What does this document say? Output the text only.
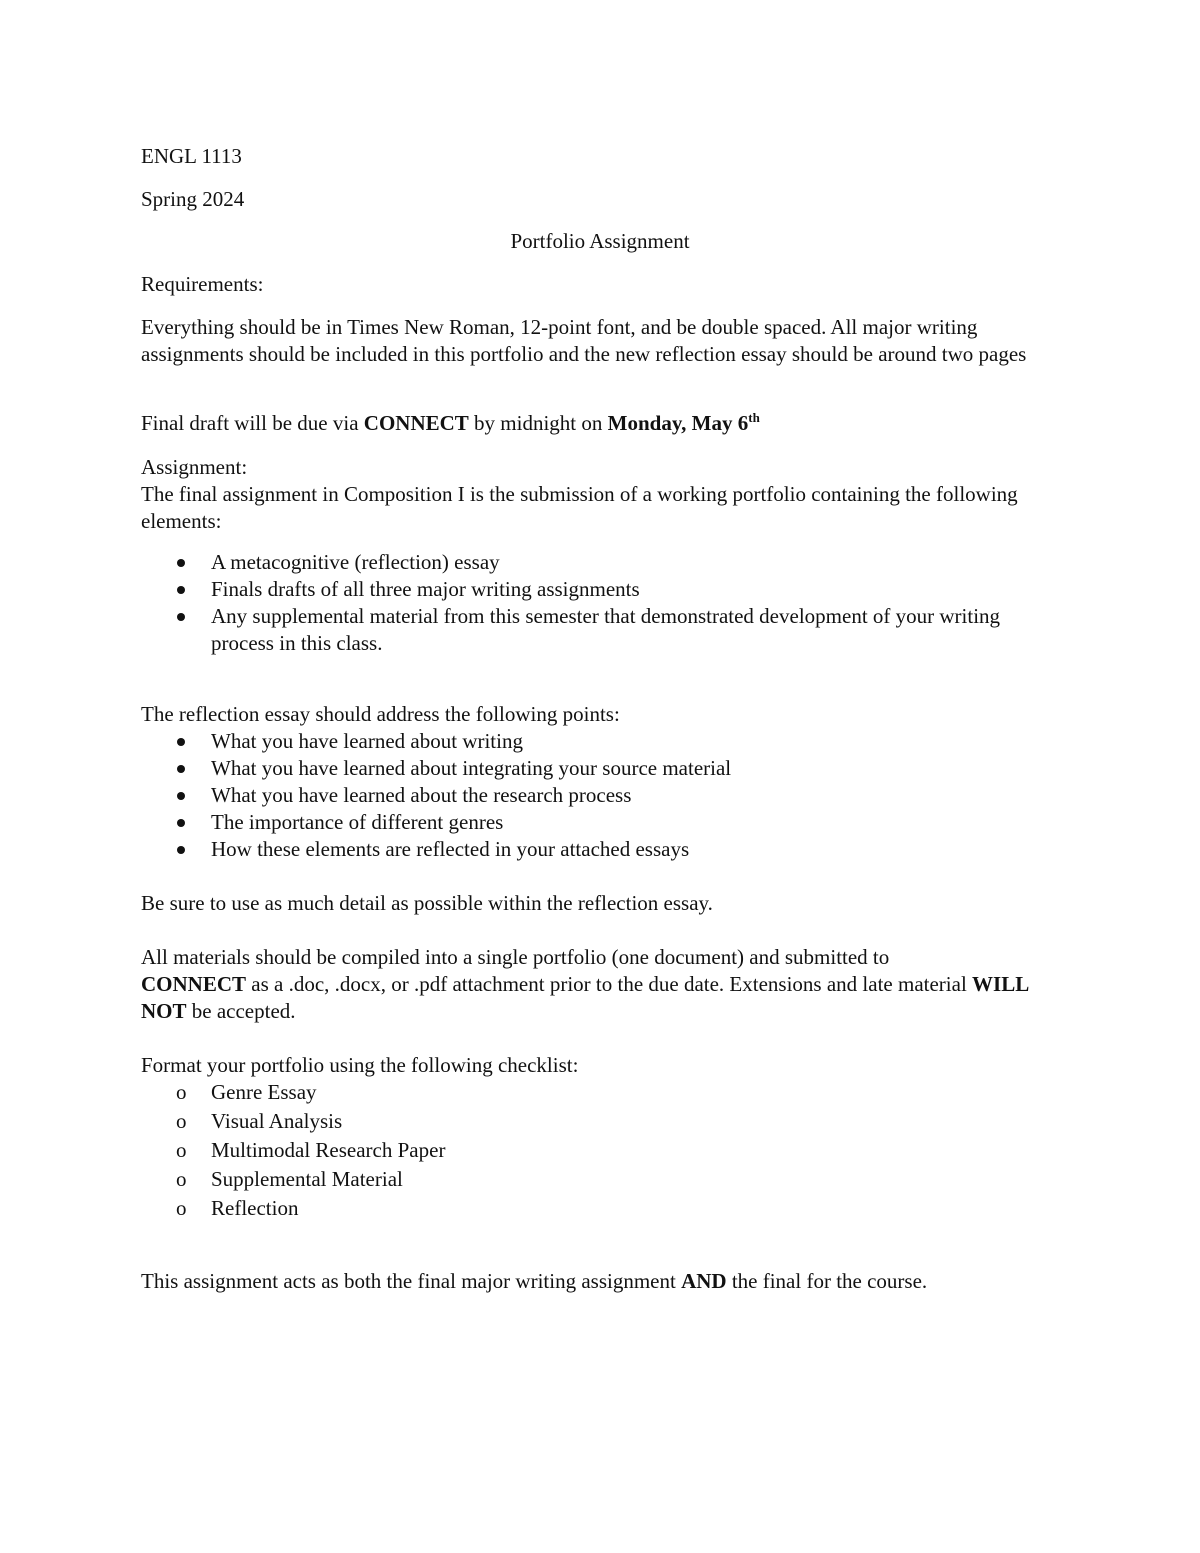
ENGL 1113

Spring 2024

Portfolio Assignment

Requirements:

Everything should be in Times New Roman, 12-point font, and be double spaced. All major writing assignments should be included in this portfolio and the new reflection essay should be around two pages

Final draft will be due via CONNECT by midnight on Monday, May 6th

Assignment:

The final assignment in Composition I is the submission of a working portfolio containing the following elements:

A metacognitive (reflection) essay
Finals drafts of all three major writing assignments
Any supplemental material from this semester that demonstrated development of your writing process in this class.

The reflection essay should address the following points:

What you have learned about writing
What you have learned about integrating your source material
What you have learned about the research process
The importance of different genres
How these elements are reflected in your attached essays

Be sure to use as much detail as possible within the reflection essay.

All materials should be compiled into a single portfolio (one document) and submitted to
CONNECT as a .doc, .docx, or .pdf attachment prior to the due date. Extensions and late material WILL NOT be accepted.

Format your portfolio using the following checklist:

o Genre Essay
o Visual Analysis
o Multimodal Research Paper
o Supplemental Material
o Reflection

This assignment acts as both the final major writing assignment AND the final for the course.
